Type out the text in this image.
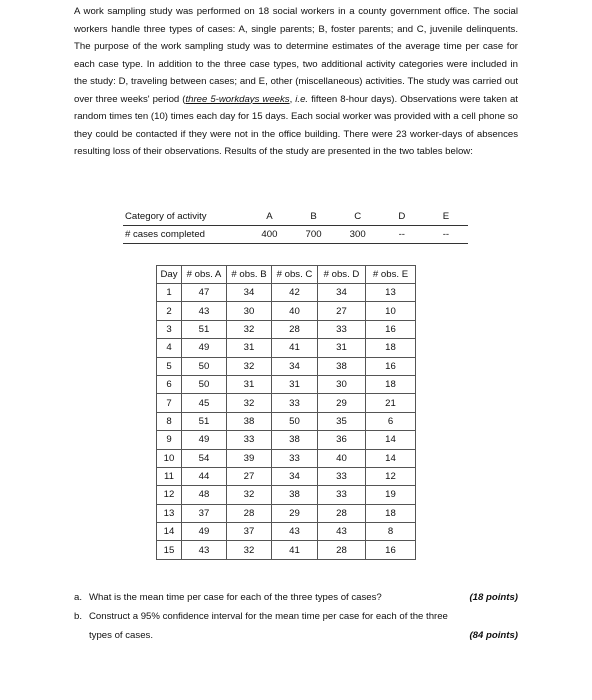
A work sampling study was performed on 18 social workers in a county government office. The social workers handle three types of cases: A, single parents; B, foster parents; and C, juvenile delinquents. The purpose of the work sampling study was to determine estimates of the average time per case for each case type. In addition to the three case types, two additional activity categories were included in the study: D, traveling between cases; and E, other (miscellaneous) activities. The study was carried out over three weeks' period (three 5-workdays weeks, i.e. fifteen 8-hour days). Observations were taken at random times ten (10) times each day for 15 days. Each social worker was provided with a cell phone so they could be contacted if they were not in the office building. There were 23 worker-days of absences resulting loss of their observations. Results of the study are presented in the two tables below:

Category of activity	A	B	C	D	E
# cases completed	400	700	300	--	--
Day	# obs. A	# obs. B	# obs. C	# obs. D	# obs. E
1	47	34	42	34	13
2	43	30	40	27	10
3	51	32	28	33	16
4	49	31	41	31	18
5	50	32	34	38	16
6	50	31	31	30	18
7	45	32	33	29	21
8	51	38	50	35	6
9	49	33	38	36	14
10	54	39	33	40	14
11	44	27	34	33	12
12	48	32	38	33	19
13	37	28	29	28	18
14	49	37	43	43	8
15	43	32	41	28	16
a. What is the mean time per case for each of the three types of cases?	(18 points)
b. Construct a 95% confidence interval for the mean time per case for each of the three types of cases.	(84 points)
